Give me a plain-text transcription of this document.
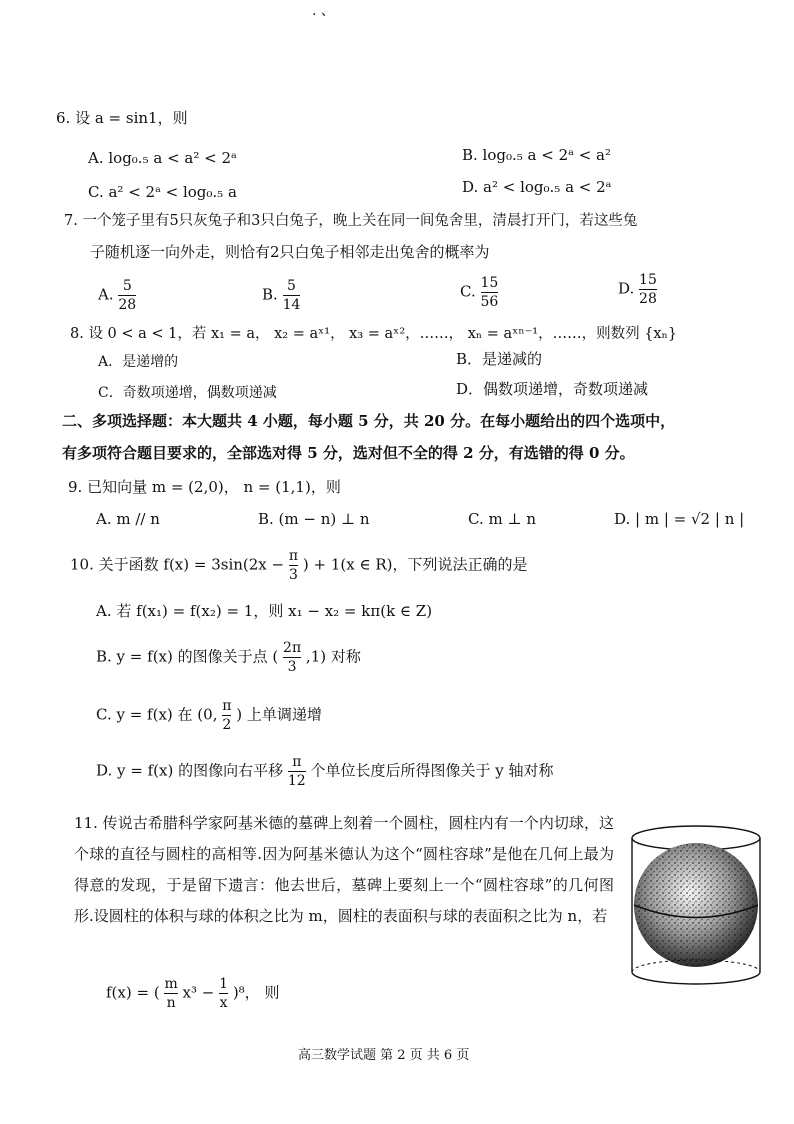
. 、
6. 设 a = sin1，则
A. log₀.₅ a < a² < 2ᵃ	B. log₀.₅ a < 2ᵃ < a²
C. a² < 2ᵃ < log₀.₅ a	D. a² < log₀.₅ a < 2ᵃ
7. 一个笼子里有5只灰兔子和3只白兔子，晚上关在同一间兔舍里，清晨打开门，若这些兔
子随机逐一向外走，则恰有2只白兔子相邻走出兔舍的概率为
A. $\frac{5}{28}$	B. $\frac{5}{14}$	C. $\frac{15}{56}$	D. $\frac{15}{28}$
8. 设 0 < a < 1，若 x₁ = a， x₂ = aˣ¹， x₃ = aˣ²，……， xₙ = aˣⁿ⁻¹，……，则数列 {xₙ}
A．是递增的	B．是递减的
C．奇数项递增，偶数项递减	D．偶数项递增，奇数项递减
二、多项选择题：本大题共 4 小题，每小题 5 分，共 20 分。在每小题给出的四个选项中，
有多项符合题目要求的，全部选对得 5 分，选对但不全的得 2 分，有选错的得 0 分。
9. 已知向量 m = (2,0)， n = (1,1)，则
A. m // n	B. (m − n) ⊥ n	C. m ⊥ n	D. | m | = √2 | n |
10. 关于函数 $f(x) = 3\sin(2x - \frac{\pi}{3}$ ) + 1(x ∈ R)，下列说法正确的是
A. 若 f(x₁) = f(x₂) = 1，则 x₁ − x₂ = kπ(k ∈ Z)
B. y = f(x) 的图像关于点 ( $\frac{2\pi}{3} ,1$) 对称
C. y = f(x) 在 (0, $\frac{\pi}{2}$ ) 上单调递增
D. y = f(x) 的图像向右平移 $\frac{\pi}{12}$ 个单位长度后所得图像关于 y 轴对称
11. 传说古希腊科学家阿基米德的墓碑上刻着一个圆柱，圆柱内有一个内切球，这个球的直径与圆柱的高相等.因为阿基米德认为这个“圆柱容球”是他在几何上最为得意的发现，于是留下遗言：他去世后，墓碑上要刻上一个“圆柱容球”的几何图形.设圆柱的体积与球的体积之比为 m，圆柱的表面积与球的表面积之比为 n，若
f(x) = ( $\frac{m}{n} x^3 - \frac{1}{x} )^8$， 则
高三数学试题 第 2 页 共 6 页
